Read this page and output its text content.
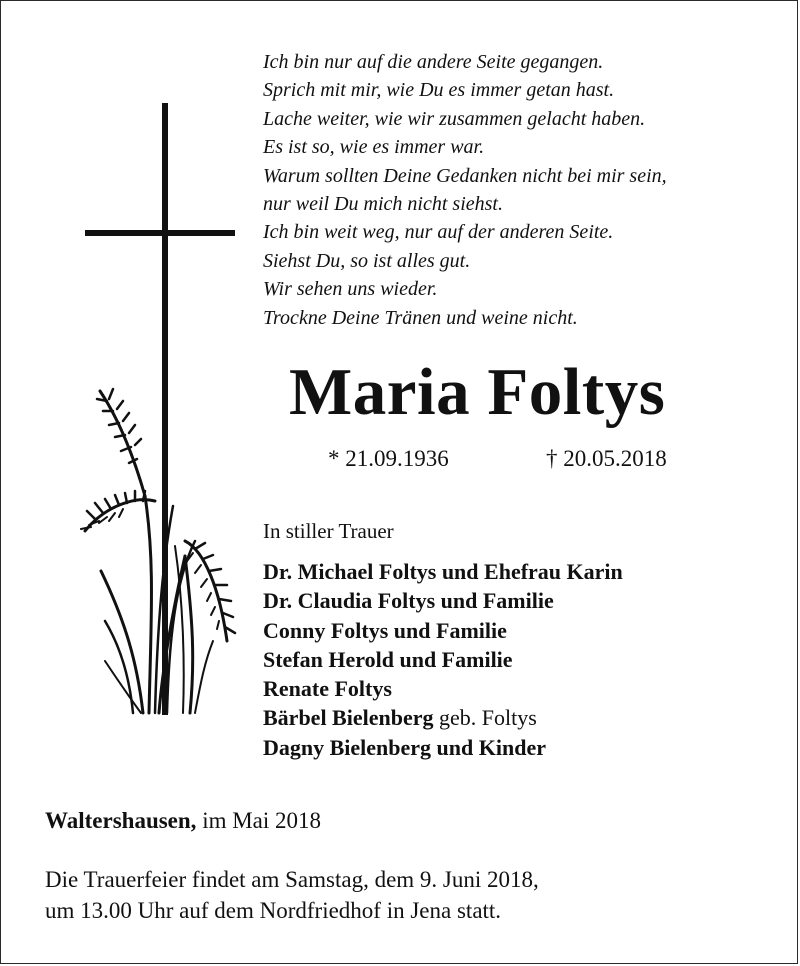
Ich bin nur auf die andere Seite gegangen.
Sprich mit mir, wie Du es immer getan hast.
Lache weiter, wie wir zusammen gelacht haben.
Es ist so, wie es immer war.
Warum sollten Deine Gedanken nicht bei mir sein,
nur weil Du mich nicht siehst.
Ich bin weit weg, nur auf der anderen Seite.
Siehst Du, so ist alles gut.
Wir sehen uns wieder.
Trockne Deine Tränen und weine nicht.
Maria Foltys
* 21.09.1936	† 20.05.2018
In stiller Trauer
Dr. Michael Foltys und Ehefrau Karin
Dr. Claudia Foltys und Familie
Conny Foltys und Familie
Stefan Herold und Familie
Renate Foltys
Bärbel Bielenberg geb. Foltys
Dagny Bielenberg und Kinder
Waltershausen, im Mai 2018
Die Trauerfeier findet am Samstag, dem 9. Juni 2018,
um 13.00 Uhr auf dem Nordfriedhof in Jena statt.
